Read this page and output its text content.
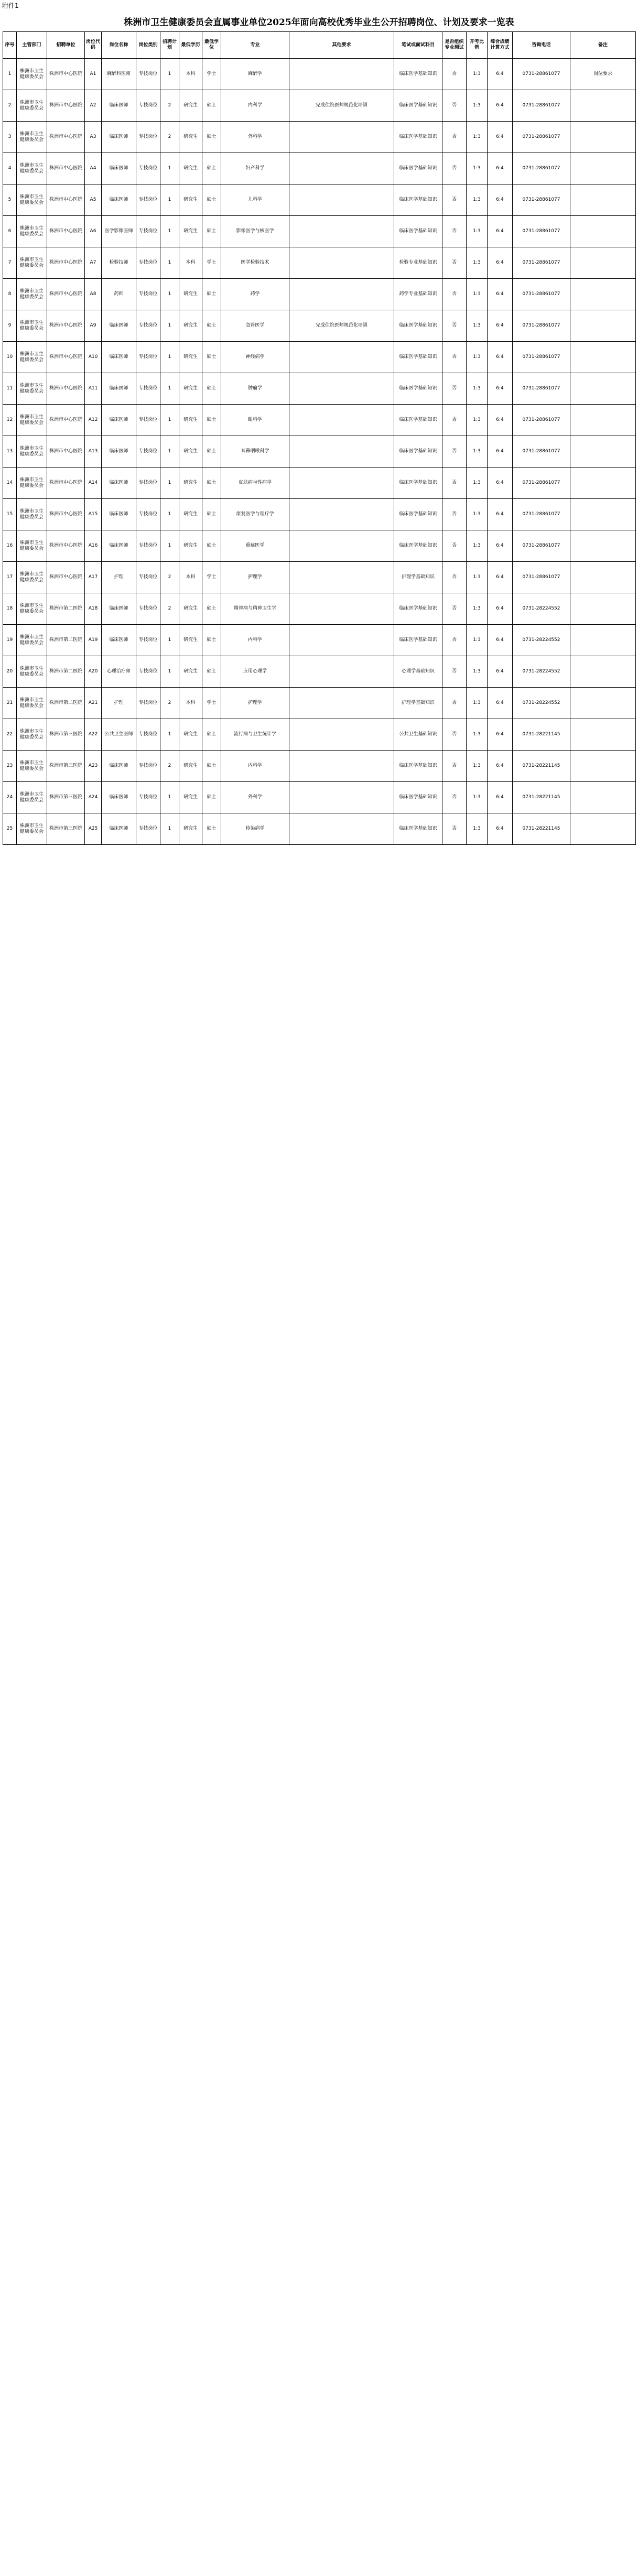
附件1
株洲市卫生健康委员会直属事业单位2025年面向高校优秀毕业生公开招聘岗位、计划及要求一览表
序号	主管部门	招聘单位	岗位代码	岗位名称	岗位类别	招聘计划	最低学历	最低学位	专业	其他要求	笔试或面试科目	是否组织专业测试	开考比例	综合成绩计算方式	咨询电话	备注
1	株洲市卫生健康委员会	株洲市中心医院	A1	麻醉科医师	专技岗位	1	本科	学士	麻醉学		临床医学基础知识	否	1:3	6:4	0731-28861077	岗位要求
2	株洲市卫生健康委员会	株洲市中心医院	A2	临床医师	专技岗位	2	研究生	硕士	内科学	完成住院医师规范化培训	临床医学基础知识	否	1:3	6:4	0731-28861077	
3	株洲市卫生健康委员会	株洲市中心医院	A3	临床医师	专技岗位	2	研究生	硕士	外科学		临床医学基础知识	否	1:3	6:4	0731-28861077	
4	株洲市卫生健康委员会	株洲市中心医院	A4	临床医师	专技岗位	1	研究生	硕士	妇产科学		临床医学基础知识	否	1:3	6:4	0731-28861077	
5	株洲市卫生健康委员会	株洲市中心医院	A5	临床医师	专技岗位	1	研究生	硕士	儿科学		临床医学基础知识	否	1:3	6:4	0731-28861077	
6	株洲市卫生健康委员会	株洲市中心医院	A6	医学影像医师	专技岗位	1	研究生	硕士	影像医学与核医学		临床医学基础知识	否	1:3	6:4	0731-28861077	
7	株洲市卫生健康委员会	株洲市中心医院	A7	检验技师	专技岗位	1	本科	学士	医学检验技术		检验专业基础知识	否	1:3	6:4	0731-28861077	
8	株洲市卫生健康委员会	株洲市中心医院	A8	药师	专技岗位	1	研究生	硕士	药学		药学专业基础知识	否	1:3	6:4	0731-28861077	
9	株洲市卫生健康委员会	株洲市中心医院	A9	临床医师	专技岗位	1	研究生	硕士	急诊医学	完成住院医师规范化培训	临床医学基础知识	否	1:3	6:4	0731-28861077	
10	株洲市卫生健康委员会	株洲市中心医院	A10	临床医师	专技岗位	1	研究生	硕士	神经病学		临床医学基础知识	否	1:3	6:4	0731-28861077	
11	株洲市卫生健康委员会	株洲市中心医院	A11	临床医师	专技岗位	1	研究生	硕士	肿瘤学		临床医学基础知识	否	1:3	6:4	0731-28861077	
12	株洲市卫生健康委员会	株洲市中心医院	A12	临床医师	专技岗位	1	研究生	硕士	眼科学		临床医学基础知识	否	1:3	6:4	0731-28861077	
13	株洲市卫生健康委员会	株洲市中心医院	A13	临床医师	专技岗位	1	研究生	硕士	耳鼻咽喉科学		临床医学基础知识	否	1:3	6:4	0731-28861077	
14	株洲市卫生健康委员会	株洲市中心医院	A14	临床医师	专技岗位	1	研究生	硕士	皮肤病与性病学		临床医学基础知识	否	1:3	6:4	0731-28861077	
15	株洲市卫生健康委员会	株洲市中心医院	A15	临床医师	专技岗位	1	研究生	硕士	康复医学与理疗学		临床医学基础知识	否	1:3	6:4	0731-28861077	
16	株洲市卫生健康委员会	株洲市中心医院	A16	临床医师	专技岗位	1	研究生	硕士	重症医学		临床医学基础知识	否	1:3	6:4	0731-28861077	
17	株洲市卫生健康委员会	株洲市中心医院	A17	护理	专技岗位	2	本科	学士	护理学		护理学基础知识	否	1:3	6:4	0731-28861077	
18	株洲市卫生健康委员会	株洲市第二医院	A18	临床医师	专技岗位	2	研究生	硕士	精神病与精神卫生学		临床医学基础知识	否	1:3	6:4	0731-28224552	
19	株洲市卫生健康委员会	株洲市第二医院	A19	临床医师	专技岗位	1	研究生	硕士	内科学		临床医学基础知识	否	1:3	6:4	0731-28224552	
20	株洲市卫生健康委员会	株洲市第二医院	A20	心理治疗师	专技岗位	1	研究生	硕士	应用心理学		心理学基础知识	否	1:3	6:4	0731-28224552	
21	株洲市卫生健康委员会	株洲市第二医院	A21	护理	专技岗位	2	本科	学士	护理学		护理学基础知识	否	1:3	6:4	0731-28224552	
22	株洲市卫生健康委员会	株洲市第三医院	A22	公共卫生医师	专技岗位	1	研究生	硕士	流行病与卫生统计学		公共卫生基础知识	否	1:3	6:4	0731-28221145	
23	株洲市卫生健康委员会	株洲市第三医院	A23	临床医师	专技岗位	2	研究生	硕士	内科学		临床医学基础知识	否	1:3	6:4	0731-28221145	
24	株洲市卫生健康委员会	株洲市第三医院	A24	临床医师	专技岗位	1	研究生	硕士	外科学		临床医学基础知识	否	1:3	6:4	0731-28221145	
25	株洲市卫生健康委员会	株洲市第三医院	A25	临床医师	专技岗位	1	研究生	硕士	传染病学		临床医学基础知识	否	1:3	6:4	0731-28221145	
